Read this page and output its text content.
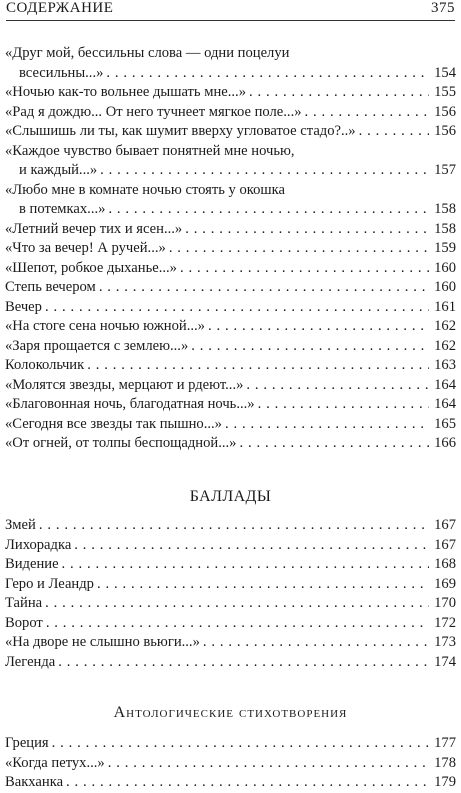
СОДЕРЖАНИЕ	375
«Друг мой, бессильны слова — одни поцелуи
всесильны...» . . .	154
«Ночью как-то вольнее дышать мне...» . . .	155
«Рад я дождю... От него тучнеет мягкое поле...» . . .	156
«Слышишь ли ты, как шумит вверху угловатое стадо?..» . . .	156
«Каждое чувство бывает понятней мне ночью,
и каждый...» . . .	157
«Любо мне в комнате ночью стоять у окошка
в потемках...» . . .	158
«Летний вечер тих и ясен...» . . .	158
«Что за вечер! А ручей...» . . .	159
«Шепот, робкое дыханье...» . . .	160
Степь вечером . . .	160
Вечер . . .	161
«На стоге сена ночью южной...» . . .	162
«Заря прощается с землею...» . . .	162
Колокольчик . . .	163
«Молятся звезды, мерцают и рдеют...» . . .	164
«Благовонная ночь, благодатная ночь...» . . .	164
«Сегодня все звезды так пышно...» . . .	165
«От огней, от толпы беспощадной...» . . .	166
БАЛЛАДЫ
Змей . . .	167
Лихорадка . . .	167
Видение . . .	168
Геро и Леандр . . .	169
Тайна . . .	170
Ворот . . .	172
«На дворе не слышно вьюги...» . . .	173
Легенда . . .	174
Антологические стихотворения
Греция . . .	177
«Когда петух...» . . .	178
Вакханка . . .	179
